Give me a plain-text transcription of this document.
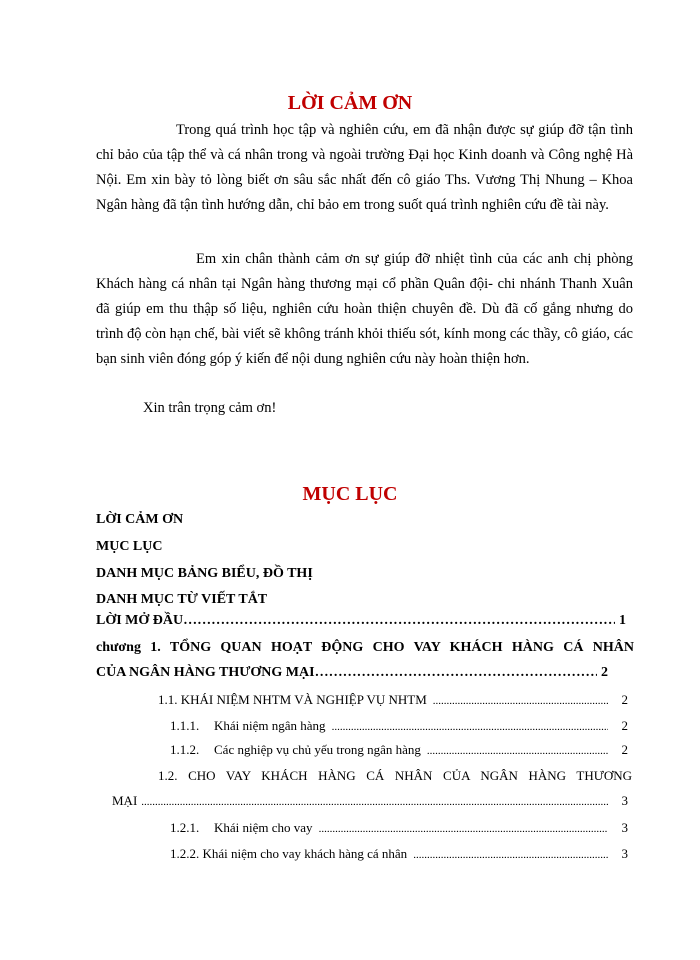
LỜI CẢM ƠN

Trong quá trình học tập và nghiên cứu, em đã nhận được sự giúp đỡ tận tình chỉ bảo của tập thể và cá nhân trong và ngoài trường Đại học Kinh doanh và Công nghệ Hà Nội. Em xin bày tỏ lòng biết ơn sâu sắc nhất đến cô giáo Ths. Vương Thị Nhung – Khoa Ngân hàng đã tận tình hướng dẫn, chỉ bảo em trong suốt quá trình nghiên cứu đề tài này.

Em xin chân thành cảm ơn sự giúp đỡ nhiệt tình của các anh chị phòng Khách hàng cá nhân tại Ngân hàng thương mại cổ phần Quân đội- chi nhánh Thanh Xuân đã giúp em thu thập số liệu, nghiên cứu hoàn thiện chuyên đề. Dù đã cố gắng nhưng do trình độ còn hạn chế, bài viết sẽ không tránh khỏi thiếu sót, kính mong các thầy, cô giáo, các bạn sinh viên đóng góp ý kiến để nội dung nghiên cứu này hoàn thiện hơn.

Xin trân trọng cảm ơn!

MỤC LỤC
LỜI CẢM ƠN
MỤC LỤC
DANH MỤC BẢNG BIỂU, ĐỒ THỊ
DANH MỤC TỪ VIẾT TẮT
LỜI MỞ ĐẦU ……………………………………………………………………………………………………………………………………	1
chương 1. TỔNG QUAN HOẠT ĐỘNG CHO VAY KHÁCH HÀNG CÁ NHÂN
CỦA NGÂN HÀNG THƯƠNG MẠI ……………………………………………………………………………………………………………………………………	2
1.1. KHÁI NIỆM NHTM VÀ NGHIỆP VỤ NHTM .....	2
1.1.1.	Khái niệm ngân hàng .....	2
1.1.2.	Các nghiệp vụ chủ yếu trong ngân hàng .....	2
1.2. CHO VAY KHÁCH HÀNG CÁ NHÂN CỦA NGÂN HÀNG THƯƠNG
MẠI .....	3
1.2.1.	Khái niệm cho vay .....	3
1.2.2. Khái niệm cho vay khách hàng cá nhân .....	3
